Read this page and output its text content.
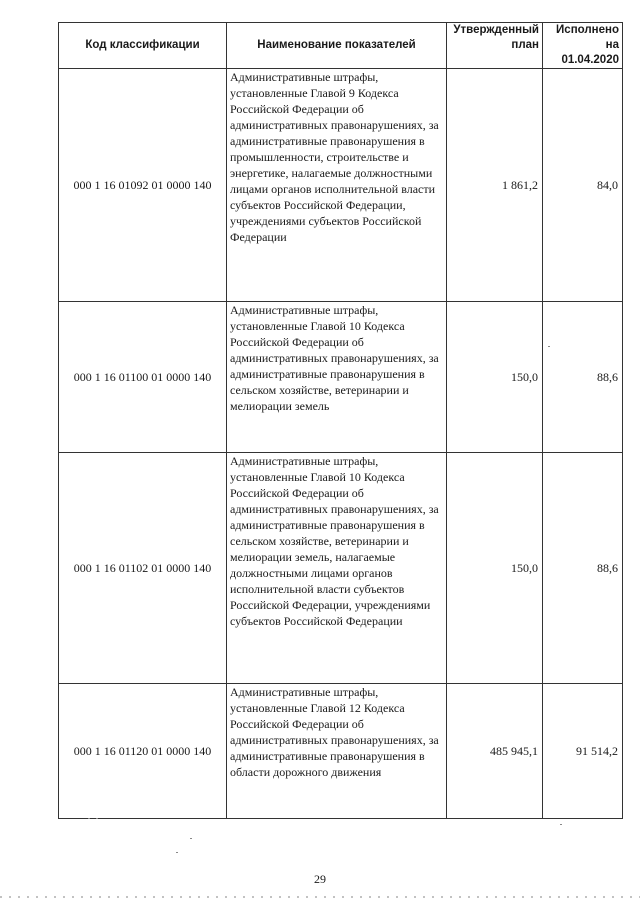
Код классификации	Наименование показателей	Утвержденный план	Исполнено на 01.04.2020
000 1 16 01092 01 0000 140	Административные штрафы, установленные Главой 9 Кодекса Российской Федерации об административных правонарушениях, за административные правонарушения в промышленности, строительстве и энергетике, налагаемые должностными лицами органов исполнительной власти субъектов Российской Федерации, учреждениями субъектов Российской Федерации	1 861,2	84,0
000 1 16 01100 01 0000 140	Административные штрафы, установленные Главой 10 Кодекса Российской Федерации об административных правонарушениях, за административные правонарушения в сельском хозяйстве, ветеринарии и мелиорации земель	150,0	88,6
000 1 16 01102 01 0000 140	Административные штрафы, установленные Главой 10 Кодекса Российской Федерации об административных правонарушениях, за административные правонарушения в сельском хозяйстве, ветеринарии и мелиорации земель, налагаемые должностными лицами органов исполнительной власти субъектов Российской Федерации, учреждениями субъектов Российской Федерации	150,0	88,6
000 1 16 01120 01 0000 140	Административные штрафы, установленные Главой 12 Кодекса Российской Федерации об административных правонарушениях, за административные правонарушения в области дорожного движения	485 945,1	91 514,2
29
